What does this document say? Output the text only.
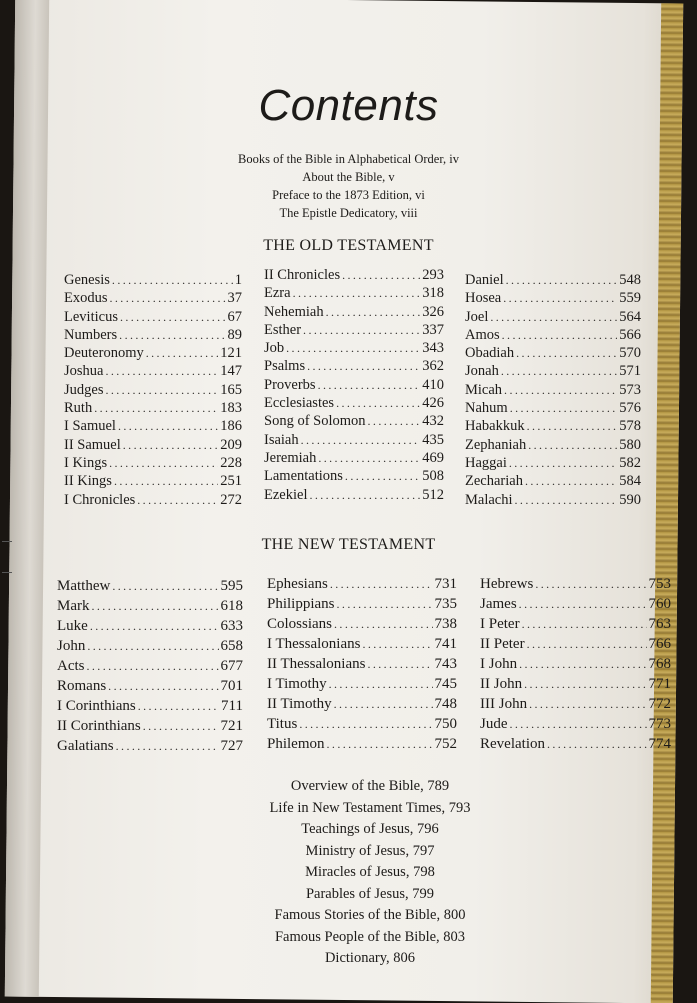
Contents
Books of the Bible in Alphabetical Order, iv
About the Bible, v
Preface to the 1873 Edition, vi
The Epistle Dedicatory, viii
THE OLD TESTAMENT
Genesis .....	1
Exodus .....	37
Leviticus .....	67
Numbers .....	89
Deuteronomy .....	121
Joshua .....	147
Judges .....	165
Ruth .....	183
I Samuel .....	186
II Samuel .....	209
I Kings .....	228
II Kings .....	251
I Chronicles .....	272
II Chronicles .....	293
Ezra .....	318
Nehemiah .....	326
Esther .....	337
Job .....	343
Psalms .....	362
Proverbs .....	410
Ecclesiastes .....	426
Song of Solomon .....	432
Isaiah .....	435
Jeremiah .....	469
Lamentations .....	508
Ezekiel .....	512
Daniel .....	548
Hosea .....	559
Joel .....	564
Amos .....	566
Obadiah .....	570
Jonah .....	571
Micah .....	573
Nahum .....	576
Habakkuk .....	578
Zephaniah .....	580
Haggai .....	582
Zechariah .....	584
Malachi .....	590
THE NEW TESTAMENT
Matthew .....	595
Mark .....	618
Luke .....	633
John .....	658
Acts .....	677
Romans .....	701
I Corinthians .....	711
II Corinthians .....	721
Galatians .....	727
Ephesians .....	731
Philippians .....	735
Colossians .....	738
I Thessalonians .....	741
II Thessalonians .....	743
I Timothy .....	745
II Timothy .....	748
Titus .....	750
Philemon .....	752
Hebrews .....	753
James .....	760
I Peter .....	763
II Peter .....	766
I John .....	768
II John .....	771
III John .....	772
Jude .....	773
Revelation .....	774
Overview of the Bible, 789
Life in New Testament Times, 793
Teachings of Jesus, 796
Ministry of Jesus, 797
Miracles of Jesus, 798
Parables of Jesus, 799
Famous Stories of the Bible, 800
Famous People of the Bible, 803
Dictionary, 806
